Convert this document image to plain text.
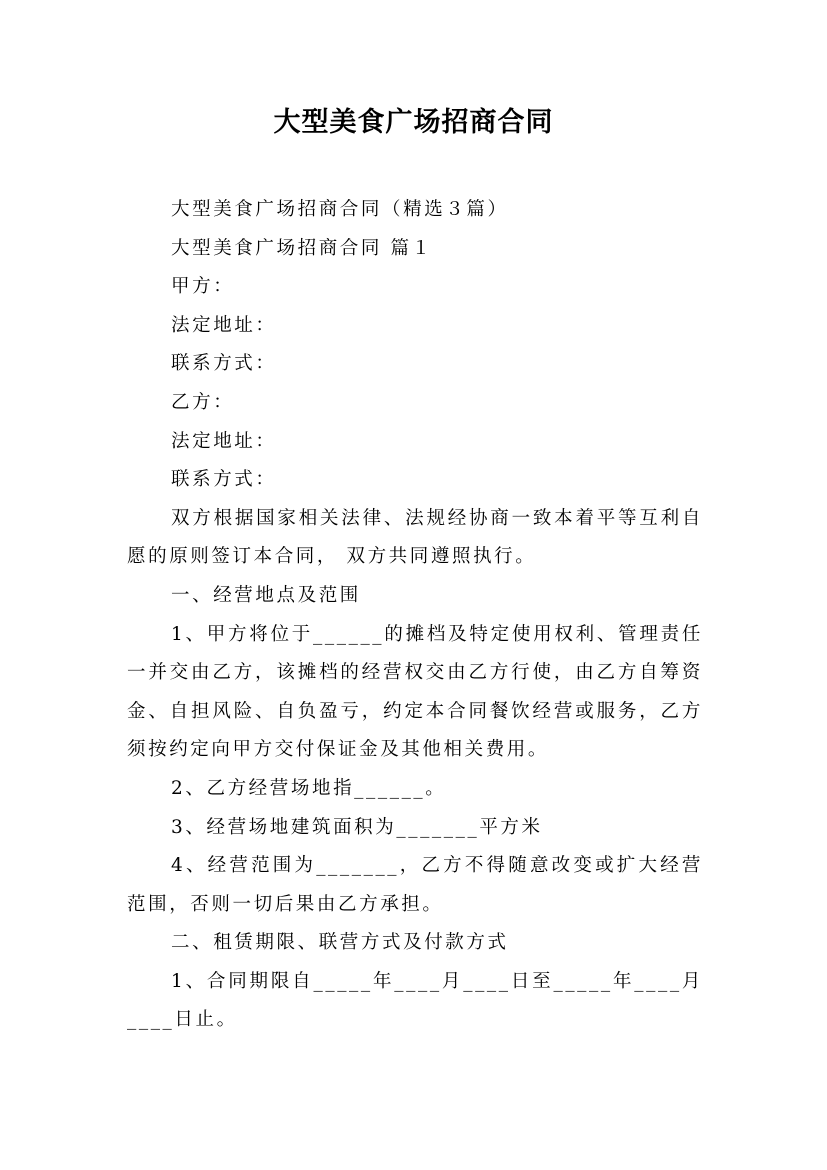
大型美食广场招商合同

大型美食广场招商合同（精选３篇）

大型美食广场招商合同 篇１

甲方：

法定地址：

联系方式：

乙方：

法定地址：

联系方式：

双方根据国家相关法律、法规经协商一致本着平等互利自愿的原则签订本合同， 双方共同遵照执行。

一、经营地点及范围

1、甲方将位于______的摊档及特定使用权利、管理责任一并交由乙方，该摊档的经营权交由乙方行使，由乙方自筹资金、自担风险、自负盈亏，约定本合同餐饮经营或服务，乙方须按约定向甲方交付保证金及其他相关费用。

2、乙方经营场地指______。

3、经营场地建筑面积为_______平方米

4、经营范围为_______，乙方不得随意改变或扩大经营范围，否则一切后果由乙方承担。

二、租赁期限、联营方式及付款方式

1、合同期限自_____年____月____日至_____年____月____日止。
